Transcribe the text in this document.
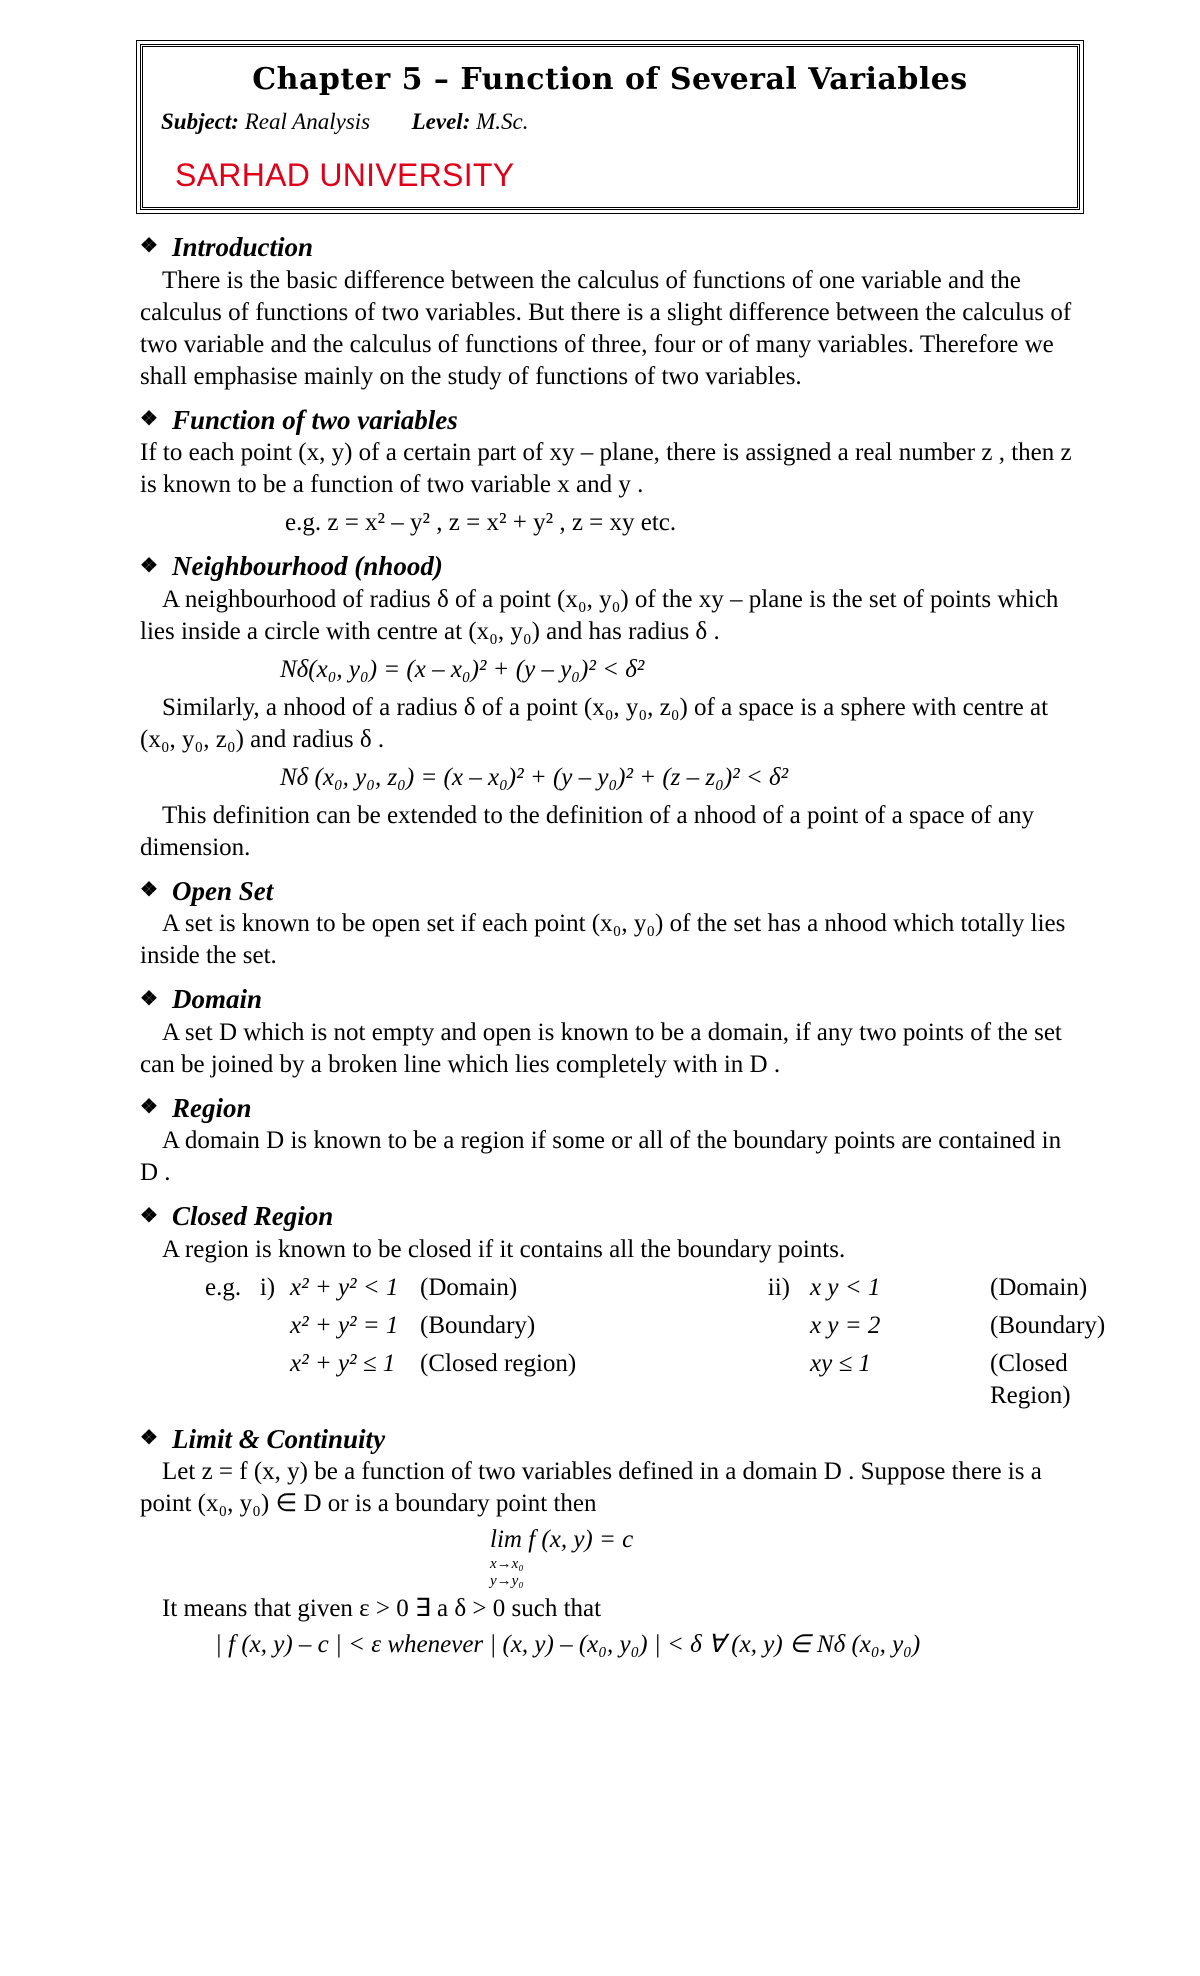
Chapter 5 – Function of Several Variables

Subject: Real Analysis Level: M.Sc.

SARHAD UNIVERSITY

❖ Introduction

There is the basic difference between the calculus of functions of one variable and the calculus of functions of two variables. But there is a slight difference between the calculus of two variable and the calculus of functions of three, four or of many variables. Therefore we shall emphasise mainly on the study of functions of two variables.

❖ Function of two variables

If to each point (x, y) of a certain part of xy – plane, there is assigned a real number z , then z is known to be a function of two variable x and y .

e.g. z = x² – y² , z = x² + y² , z = xy etc.

❖ Neighbourhood (nhood)

A neighbourhood of radius δ of a point (x₀, y₀) of the xy – plane is the set of points which lies inside a circle with centre at (x₀, y₀) and has radius δ .

Nδ(x₀, y₀) = (x – x₀)² + (y – y₀)² < δ²

Similarly, a nhood of a radius δ of a point (x₀, y₀, z₀) of a space is a sphere with centre at (x₀, y₀, z₀) and radius δ .

Nδ (x₀, y₀, z₀) = (x – x₀)² + (y – y₀)² + (z – z₀)² < δ²

This definition can be extended to the definition of a nhood of a point of a space of any dimension.

❖ Open Set

A set is known to be open set if each point (x₀, y₀) of the set has a nhood which totally lies inside the set.

❖ Domain

A set D which is not empty and open is known to be a domain, if any two points of the set can be joined by a broken line which lies completely with in D .

❖ Region

A domain D is known to be a region if some or all of the boundary points are contained in D .

❖ Closed Region

A region is known to be closed if it contains all the boundary points.

e.g. i) x² + y² < 1 (Domain)	ii) x y < 1	(Domain)
x² + y² = 1 (Boundary)	x y = 2	(Boundary)
x² + y² ≤ 1 (Closed region)	xy ≤ 1	(Closed Region)

❖ Limit & Continuity

Let z = f (x, y) be a function of two variables defined in a domain D . Suppose there is a point (x₀, y₀) ∈ D or is a boundary point then

lim f (x, y) = c
x→x₀
y→y₀

It means that given ε > 0 ∃ a δ > 0 such that

| f (x, y) – c | < ε whenever | (x, y) – (x₀, y₀) | < δ ∀ (x, y) ∈ Nδ (x₀, y₀)
